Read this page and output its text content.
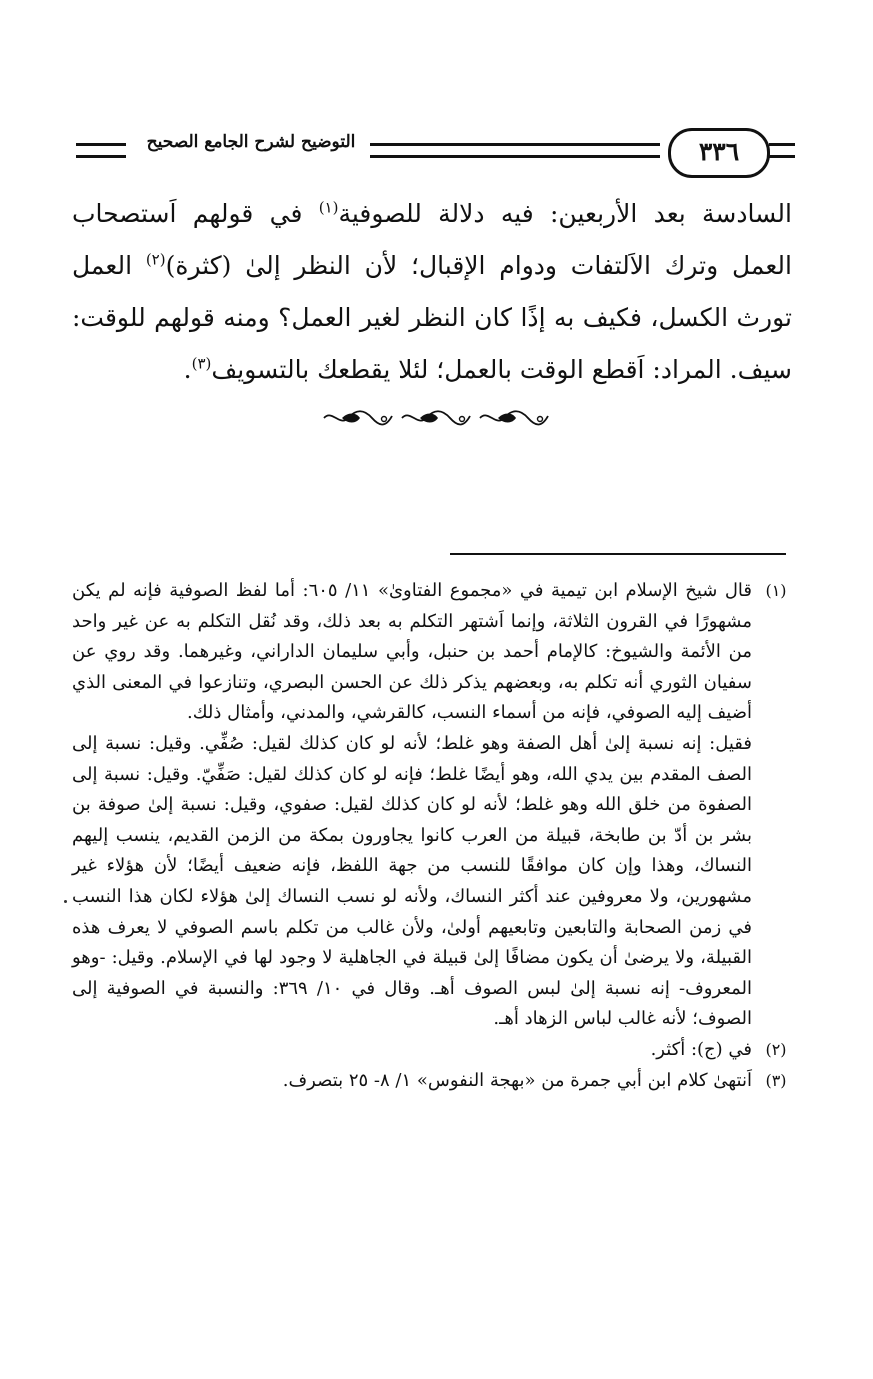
٣٣٦
التوضيح لشرح الجامع الصحيح

السادسة بعد الأربعين: فيه دلالة للصوفية$^{(١)}$ في قولهم اَستصحاب العمل وترك الاَلتفات ودوام الإقبال؛ لأن النظر إلىٰ (كثرة)$^{(٢)}$ العمل تورث الكسل، فكيف به إذًا كان النظر لغير العمل؟ ومنه قولهم للوقت: سيف. المراد: اَقطع الوقت بالعمل؛ لئلا يقطعك بالتسويف$^{(٣)}$.

(١)

قال شيخ الإسلام ابن تيمية في «مجموع الفتاوىٰ» ١١/ ٦٠٥: أما لفظ الصوفية فإنه لم يكن مشهورًا في القرون الثلاثة، وإنما اَشتهر التكلم به بعد ذلك، وقد نُقل التكلم به عن غير واحد من الأئمة والشيوخ: كالإمام أحمد بن حنبل، وأبي سليمان الداراني، وغيرهما. وقد روي عن سفيان الثوري أنه تكلم به، وبعضهم يذكر ذلك عن الحسن البصري، وتنازعوا في المعنى الذي أضيف إليه الصوفي، فإنه من أسماء النسب، كالقرشي، والمدني، وأمثال ذلك.

فقيل: إنه نسبة إلىٰ أهل الصفة وهو غلط؛ لأنه لو كان كذلك لقيل: صُفِّي. وقيل: نسبة إلى الصف المقدم بين يدي الله، وهو أيضًا غلط؛ فإنه لو كان كذلك لقيل: صَفِّيّ. وقيل: نسبة إلى الصفوة من خلق الله وهو غلط؛ لأنه لو كان كذلك لقيل: صفوي، وقيل: نسبة إلىٰ صوفة بن بشر بن أدّ بن طابخة، قبيلة من العرب كانوا يجاورون بمكة من الزمن القديم، ينسب إليهم النساك، وهذا وإن كان موافقًا للنسب من جهة اللفظ، فإنه ضعيف أيضًا؛ لأن هؤلاء غير مشهورين، ولا معروفين عند أكثر النساك، ولأنه لو نسب النساك إلىٰ هؤلاء لكان هذا النسب في زمن الصحابة والتابعين وتابعيهم أولىٰ، ولأن غالب من تكلم باسم الصوفي لا يعرف هذه القبيلة، ولا يرضىٰ أن يكون مضافًا إلىٰ قبيلة في الجاهلية لا وجود لها في الإسلام. وقيل: -وهو المعروف- إنه نسبة إلىٰ لبس الصوف أهـ. وقال في ١٠/ ٣٦٩: والنسبة في الصوفية إلى الصوف؛ لأنه غالب لباس الزهاد أهـ.

(٢)

في (ج): أكثر.

(٣)

اَنتهىٰ كلام ابن أبي جمرة من «بهجة النفوس» ١/ ٨- ٢٥ بتصرف.
